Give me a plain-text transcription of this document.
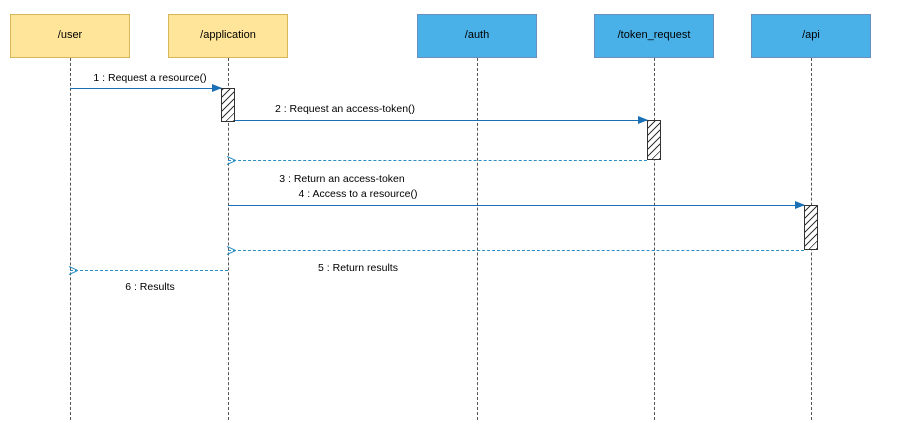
/user	/application	/auth	/token_request	/api
1 : Request a resource()
2 : Request an access-token()
3 : Return an access-token
4 : Access to a resource()
5 : Return results
6 : Results
